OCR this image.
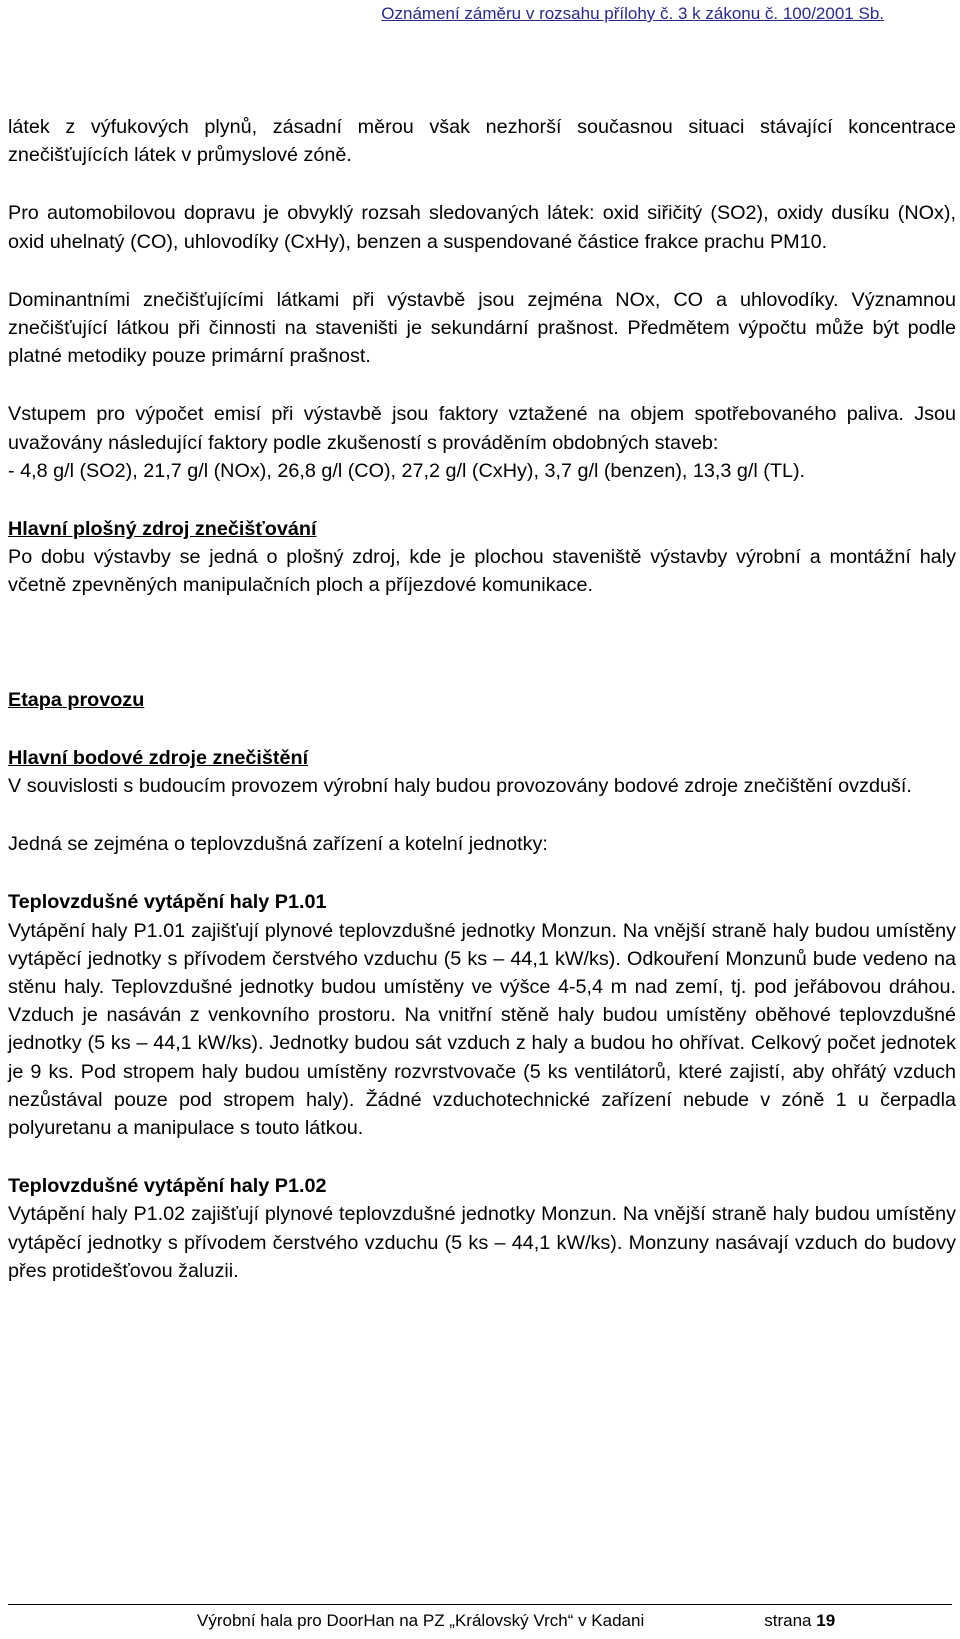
Oznámení záměru v rozsahu přílohy č. 3 k zákonu č. 100/2001 Sb.

látek z výfukových plynů, zásadní měrou však nezhorší současnou situaci stávající koncentrace znečišťujících látek v průmyslové zóně.

Pro automobilovou dopravu je obvyklý rozsah sledovaných látek: oxid siřičitý (SO2), oxidy dusíku (NOx), oxid uhelnatý (CO), uhlovodíky (CxHy), benzen a suspendované částice frakce prachu PM10.

Dominantními znečišťujícími látkami při výstavbě jsou zejména NOx, CO a uhlovodíky. Významnou znečišťující látkou při činnosti na staveništi je sekundární prašnost. Předmětem výpočtu může být podle platné metodiky pouze primární prašnost.

Vstupem pro výpočet emisí při výstavbě jsou faktory vztažené na objem spotřebovaného paliva. Jsou uvažovány následující faktory podle zkušeností s prováděním obdobných staveb:

- 4,8 g/l (SO2), 21,7 g/l (NOx), 26,8 g/l (CO), 27,2 g/l (CxHy), 3,7 g/l (benzen), 13,3 g/l (TL).

Hlavní plošný zdroj znečišťování

Po dobu výstavby se jedná o plošný zdroj, kde je plochou staveniště výstavby výrobní a montážní haly včetně zpevněných manipulačních ploch a příjezdové komunikace.

Etapa provozu

Hlavní bodové zdroje znečištění

V souvislosti s budoucím provozem výrobní haly budou provozovány bodové zdroje znečištění ovzduší.

Jedná se zejména o teplovzdušná zařízení a kotelní jednotky:

Teplovzdušné vytápění haly P1.01

Vytápění haly P1.01 zajišťují plynové teplovzdušné jednotky Monzun. Na vnější straně haly budou umístěny vytápěcí jednotky s přívodem čerstvého vzduchu (5 ks – 44,1 kW/ks). Odkouření Monzunů bude vedeno na stěnu haly. Teplovzdušné jednotky budou umístěny ve výšce 4-5,4 m nad zemí, tj. pod jeřábovou dráhou. Vzduch je nasáván z venkovního prostoru. Na vnitřní stěně haly budou umístěny oběhové teplovzdušné jednotky (5 ks – 44,1 kW/ks). Jednotky budou sát vzduch z haly a budou ho ohřívat. Celkový počet jednotek je 9 ks. Pod stropem haly budou umístěny rozvrstvovače (5 ks ventilátorů, které zajistí, aby ohřátý vzduch nezůstával pouze pod stropem haly). Žádné vzduchotechnické zařízení nebude v zóně 1 u čerpadla polyuretanu a manipulace s touto látkou.

Teplovzdušné vytápění haly P1.02

Vytápění haly P1.02 zajišťují plynové teplovzdušné jednotky Monzun. Na vnější straně haly budou umístěny vytápěcí jednotky s přívodem čerstvého vzduchu (5 ks – 44,1 kW/ks). Monzuny nasávají vzduch do budovy přes protidešťovou žaluzii.

Výrobní hala pro DoorHan na PZ „Královský Vrch“ v Kadani	strana 19
